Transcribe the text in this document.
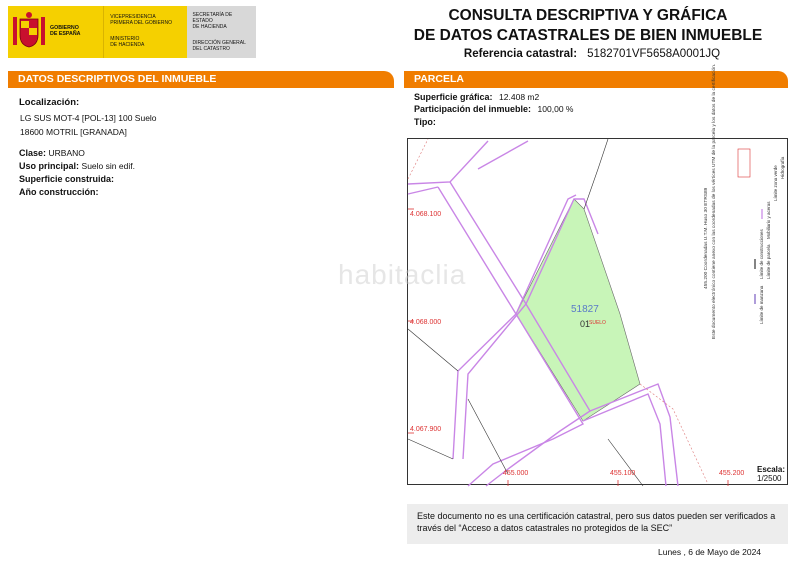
GOBIERNO
DE ESPAÑA
VICEPRESIDENCIA
PRIMERA DEL GOBIERNO
MINISTERIO
DE HACIENDA
SECRETARÍA DE ESTADO
DE HACIENDA
DIRECCIÓN GENERAL
DEL CATASTRO
CONSULTA DESCRIPTIVA Y GRÁFICA
DE DATOS CATASTRALES DE BIEN INMUEBLE
Referencia catastral: 5182701VF5658A0001JQ
DATOS DESCRIPTIVOS DEL INMUEBLE
Localización:
LG SUS MOT-4 [POL-13] 100 Suelo
18600 MOTRIL [GRANADA]
Clase: URBANO
Uso principal: Suelo sin edif.
Superficie construida:
Año construcción:
PARCELA
Superficie gráfica: 12.408 m2
Participación del inmueble: 100,00 %
Tipo:
4.068.100
4.068.000
4.067.900
455.000	455.100	455.200
51827
01
SUELO
habitaclia	455.200 Coordenadas U.T.M. Huso 30 ETRS89 Este documento electrónico contiene anexo con las coordenadas de los vértices UTM de la parcela y los datos de la certificación.	Límite de manzana
Límite de parcela
Límite de construcciones
Mobiliario y aceras
Límite zona verde Hidrografía
Escala:
1/2500
Este documento no es una certificación catastral, pero sus datos pueden ser verificados a través del “Acceso a datos catastrales no protegidos de la SEC”
Lunes , 6 de Mayo de 2024
